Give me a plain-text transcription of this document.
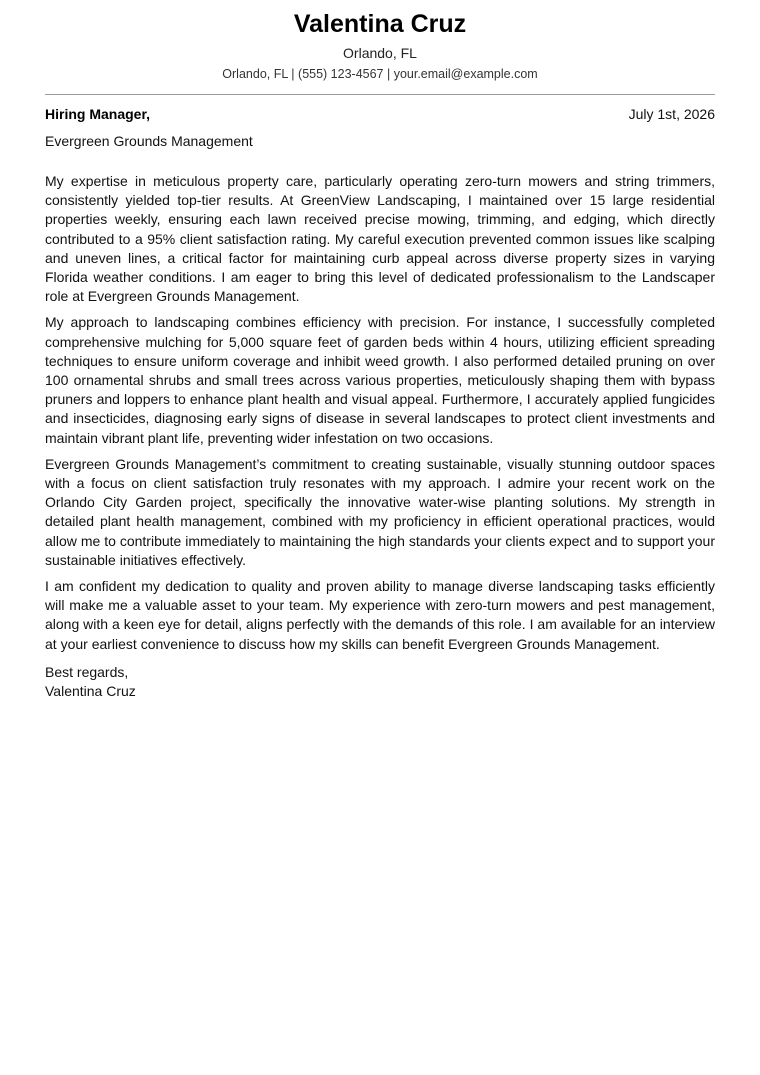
Valentina Cruz
Orlando, FL
Orlando, FL | (555) 123-4567 | your.email@example.com
Hiring Manager,	July 1st, 2026
Evergreen Grounds Management

My expertise in meticulous property care, particularly operating zero-turn mowers and string trimmers, consistently yielded top-tier results. At GreenView Landscaping, I maintained over 15 large residential properties weekly, ensuring each lawn received precise mowing, trimming, and edging, which directly contributed to a 95% client satisfaction rating. My careful execution prevented common issues like scalping and uneven lines, a critical factor for maintaining curb appeal across diverse property sizes in varying Florida weather conditions. I am eager to bring this level of dedicated professionalism to the Landscaper role at Evergreen Grounds Management.

My approach to landscaping combines efficiency with precision. For instance, I successfully completed comprehensive mulching for 5,000 square feet of garden beds within 4 hours, utilizing efficient spreading techniques to ensure uniform coverage and inhibit weed growth. I also performed detailed pruning on over 100 ornamental shrubs and small trees across various properties, meticulously shaping them with bypass pruners and loppers to enhance plant health and visual appeal. Furthermore, I accurately applied fungicides and insecticides, diagnosing early signs of disease in several landscapes to protect client investments and maintain vibrant plant life, preventing wider infestation on two occasions.

Evergreen Grounds Management’s commitment to creating sustainable, visually stunning outdoor spaces with a focus on client satisfaction truly resonates with my approach. I admire your recent work on the Orlando City Garden project, specifically the innovative water-wise planting solutions. My strength in detailed plant health management, combined with my proficiency in efficient operational practices, would allow me to contribute immediately to maintaining the high standards your clients expect and to support your sustainable initiatives effectively.

I am confident my dedication to quality and proven ability to manage diverse landscaping tasks efficiently will make me a valuable asset to your team. My experience with zero-turn mowers and pest management, along with a keen eye for detail, aligns perfectly with the demands of this role. I am available for an interview at your earliest convenience to discuss how my skills can benefit Evergreen Grounds Management.

Best regards,
Valentina Cruz
